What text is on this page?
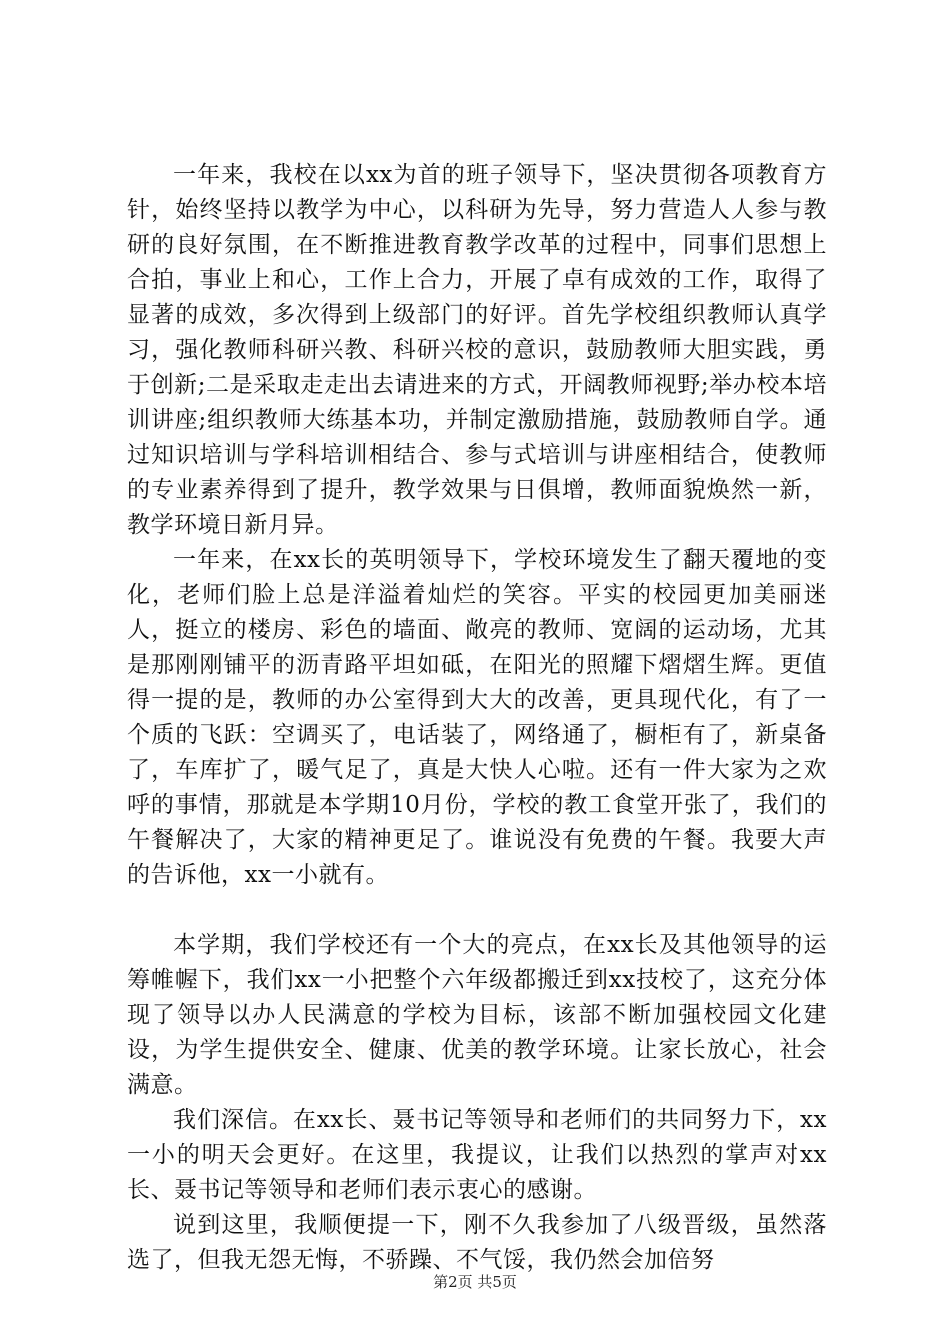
一年来，我校在以xx为首的班子领导下，坚决贯彻各项教育方针，始终坚持以教学为中心，以科研为先导，努力营造人人参与教研的良好氛围，在不断推进教育教学改革的过程中，同事们思想上合拍，事业上和心，工作上合力，开展了卓有成效的工作，取得了显著的成效，多次得到上级部门的好评。首先学校组织教师认真学习，强化教师科研兴教、科研兴校的意识，鼓励教师大胆实践，勇于创新;二是采取走走出去请进来的方式，开阔教师视野;举办校本培训讲座;组织教师大练基本功，并制定激励措施，鼓励教师自学。通过知识培训与学科培训相结合、参与式培训与讲座相结合，使教师的专业素养得到了提升，教学效果与日俱增，教师面貌焕然一新，教学环境日新月异。

一年来，在xx长的英明领导下，学校环境发生了翻天覆地的变化，老师们脸上总是洋溢着灿烂的笑容。平实的校园更加美丽迷人，挺立的楼房、彩色的墙面、敞亮的教师、宽阔的运动场，尤其是那刚刚铺平的沥青路平坦如砥，在阳光的照耀下熠熠生辉。更值得一提的是，教师的办公室得到大大的改善，更具现代化，有了一个质的飞跃：空调买了，电话装了，网络通了，橱柜有了，新桌备了，车库扩了，暖气足了，真是大快人心啦。还有一件大家为之欢呼的事情，那就是本学期10月份，学校的教工食堂开张了，我们的午餐解决了，大家的精神更足了。谁说没有免费的午餐。我要大声的告诉他，xx一小就有。

本学期，我们学校还有一个大的亮点，在xx长及其他领导的运筹帷幄下，我们xx一小把整个六年级都搬迁到xx技校了，这充分体现了领导以办人民满意的学校为目标，该部不断加强校园文化建设，为学生提供安全、健康、优美的教学环境。让家长放心，社会满意。

我们深信。在xx长、聂书记等领导和老师们的共同努力下，xx一小的明天会更好。在这里，我提议，让我们以热烈的掌声对xx长、聂书记等领导和老师们表示衷心的感谢。

说到这里，我顺便提一下，刚不久我参加了八级晋级，虽然落选了，但我无怨无悔，不骄躁、不气馁，我仍然会加倍努

第2页 共5页
